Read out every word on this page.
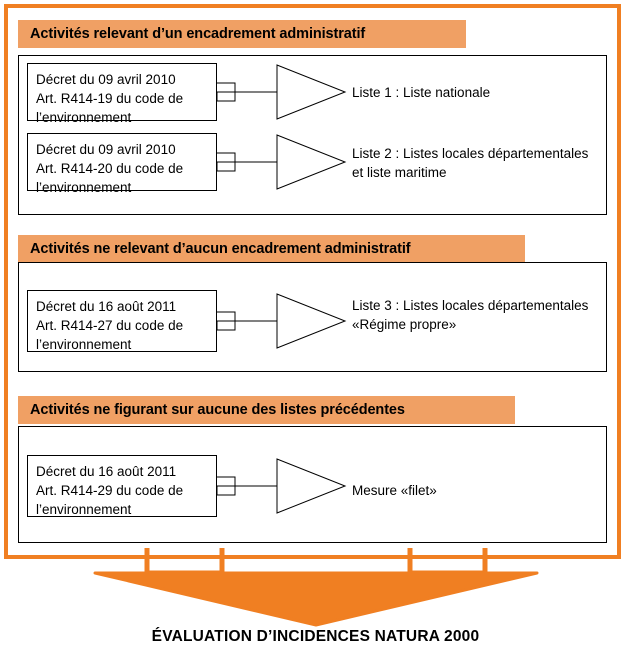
Activités relevant d’un encadrement administratif
Décret du 09 avril 2010
Art. R414-19 du code de
l’environnement
Liste 1 : Liste nationale
Décret du 09 avril 2010
Art. R414-20 du code de
l’environnement
Liste 2 : Listes locales départementales
et liste maritime
Activités ne relevant d’aucun encadrement administratif
Décret du 16 août 2011
Art. R414-27 du code de
l’environnement
Liste 3 : Listes locales départementales
«Régime propre»
Activités ne figurant sur aucune des listes précédentes
Décret du 16 août 2011
Art. R414-29 du code de
l’environnement
Mesure «filet»
ÉVALUATION D’INCIDENCES NATURA 2000
